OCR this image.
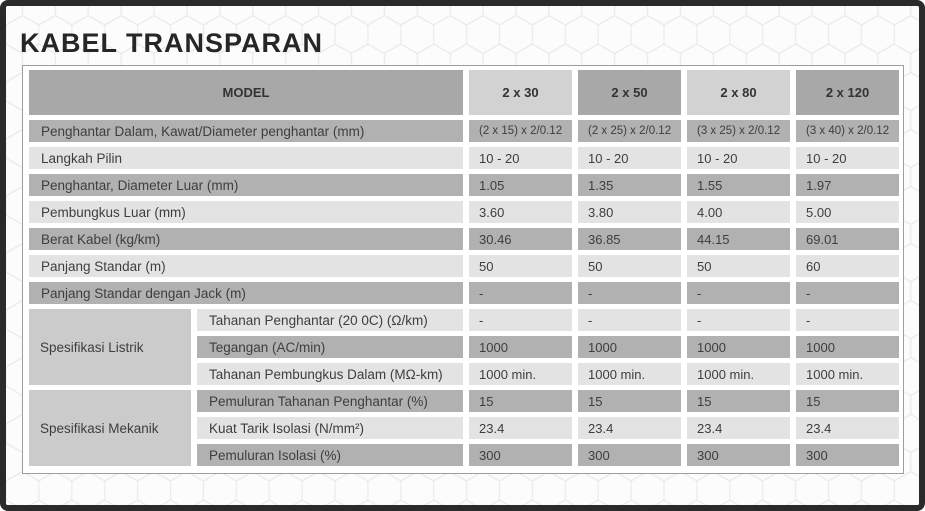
KABEL TRANSPARAN
MODEL	2 x 30	2 x 50	2 x 80	2 x 120
Penghantar Dalam, Kawat/Diameter penghantar (mm)	(2 x 15) x 2/0.12	(2 x 25) x 2/0.12	(3 x 25) x 2/0.12	(3 x 40) x 2/0.12
Langkah Pilin	10 - 20	10 - 20	10 - 20	10 - 20
Penghantar, Diameter Luar (mm)	1.05	1.35	1.55	1.97
Pembungkus Luar (mm)	3.60	3.80	4.00	5.00
Berat Kabel (kg/km)	30.46	36.85	44.15	69.01
Panjang Standar (m)	50	50	50	60
Panjang Standar dengan Jack (m)	-	-	-	-
Spesifikasi Listrik
Tahanan Penghantar (20 0C) (Ω/km)	-	-	-	-
Tegangan (AC/min)	1000	1000	1000	1000
Tahanan Pembungkus Dalam (MΩ-km)	1000 min.	1000 min.	1000 min.	1000 min.
Spesifikasi Mekanik
Pemuluran Tahanan Penghantar (%)	15	15	15	15
Kuat Tarik Isolasi (N/mm²)	23.4	23.4	23.4	23.4
Pemuluran Isolasi (%)	300	300	300	300
